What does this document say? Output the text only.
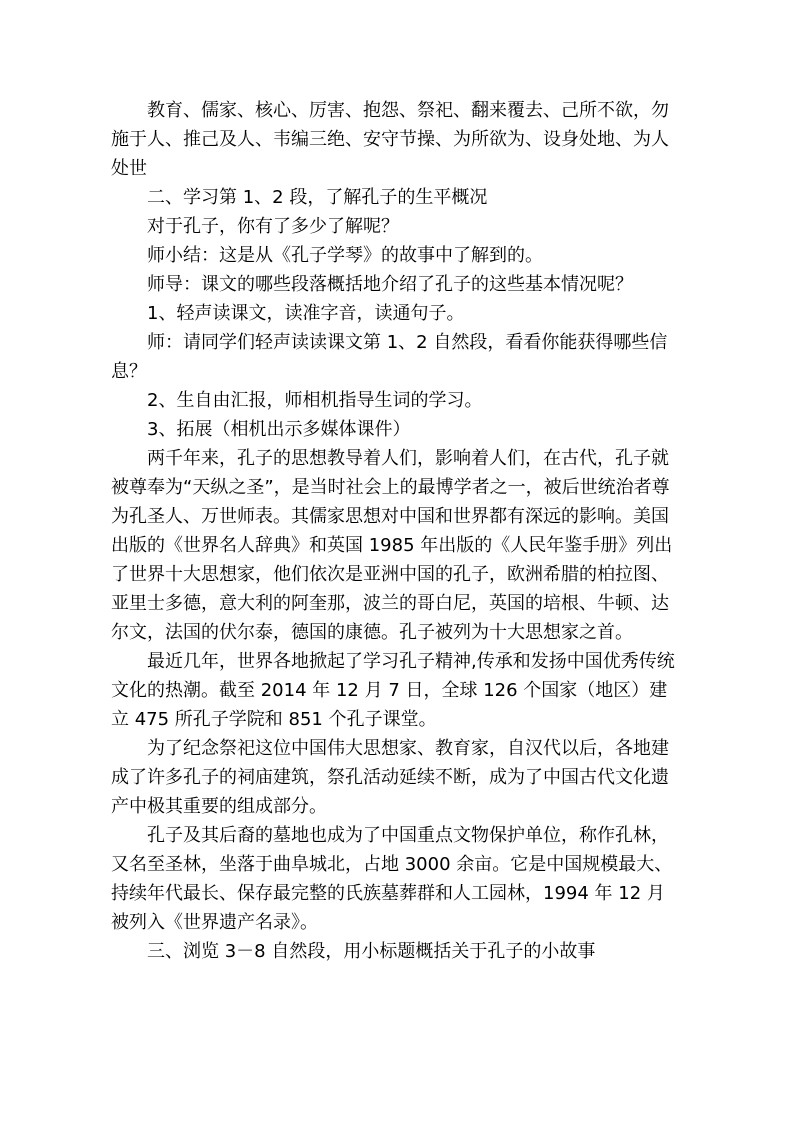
教育、儒家、核心、厉害、抱怨、祭祀、翻来覆去、己所不欲，勿施于人、推己及人、韦编三绝、安守节操、为所欲为、设身处地、为人处世

二、学习第 1、2 段，了解孔子的生平概况

对于孔子，你有了多少了解呢？

师小结：这是从《孔子学琴》的故事中了解到的。

师导：课文的哪些段落概括地介绍了孔子的这些基本情况呢？

1、轻声读课文，读准字音，读通句子。

师：请同学们轻声读读课文第 1、2 自然段，看看你能获得哪些信息？

2、生自由汇报，师相机指导生词的学习。

3、拓展（相机出示多媒体课件）

两千年来，孔子的思想教导着人们，影响着人们，在古代，孔子就被尊奉为“天纵之圣”，是当时社会上的最博学者之一，被后世统治者尊为孔圣人、万世师表。其儒家思想对中国和世界都有深远的影响。美国出版的《世界名人辞典》和英国 1985 年出版的《人民年鉴手册》列出了世界十大思想家，他们依次是亚洲中国的孔子，欧洲希腊的柏拉图、亚里士多德，意大利的阿奎那，波兰的哥白尼，英国的培根、牛顿、达尔文，法国的伏尔泰，德国的康德。孔子被列为十大思想家之首。

最近几年，世界各地掀起了学习孔子精神,传承和发扬中国优秀传统文化的热潮。截至 2014 年 12 月 7 日，全球 126 个国家（地区）建立 475 所孔子学院和 851 个孔子课堂。

为了纪念祭祀这位中国伟大思想家、教育家，自汉代以后，各地建成了许多孔子的祠庙建筑，祭孔活动延续不断，成为了中国古代文化遗产中极其重要的组成部分。

孔子及其后裔的墓地也成为了中国重点文物保护单位，称作孔林，又名至圣林，坐落于曲阜城北，占地 3000 余亩。它是中国规模最大、持续年代最长、保存最完整的氏族墓葬群和人工园林，1994 年 12 月被列入《世界遗产名录》。

三、浏览 3－8 自然段，用小标题概括关于孔子的小故事
